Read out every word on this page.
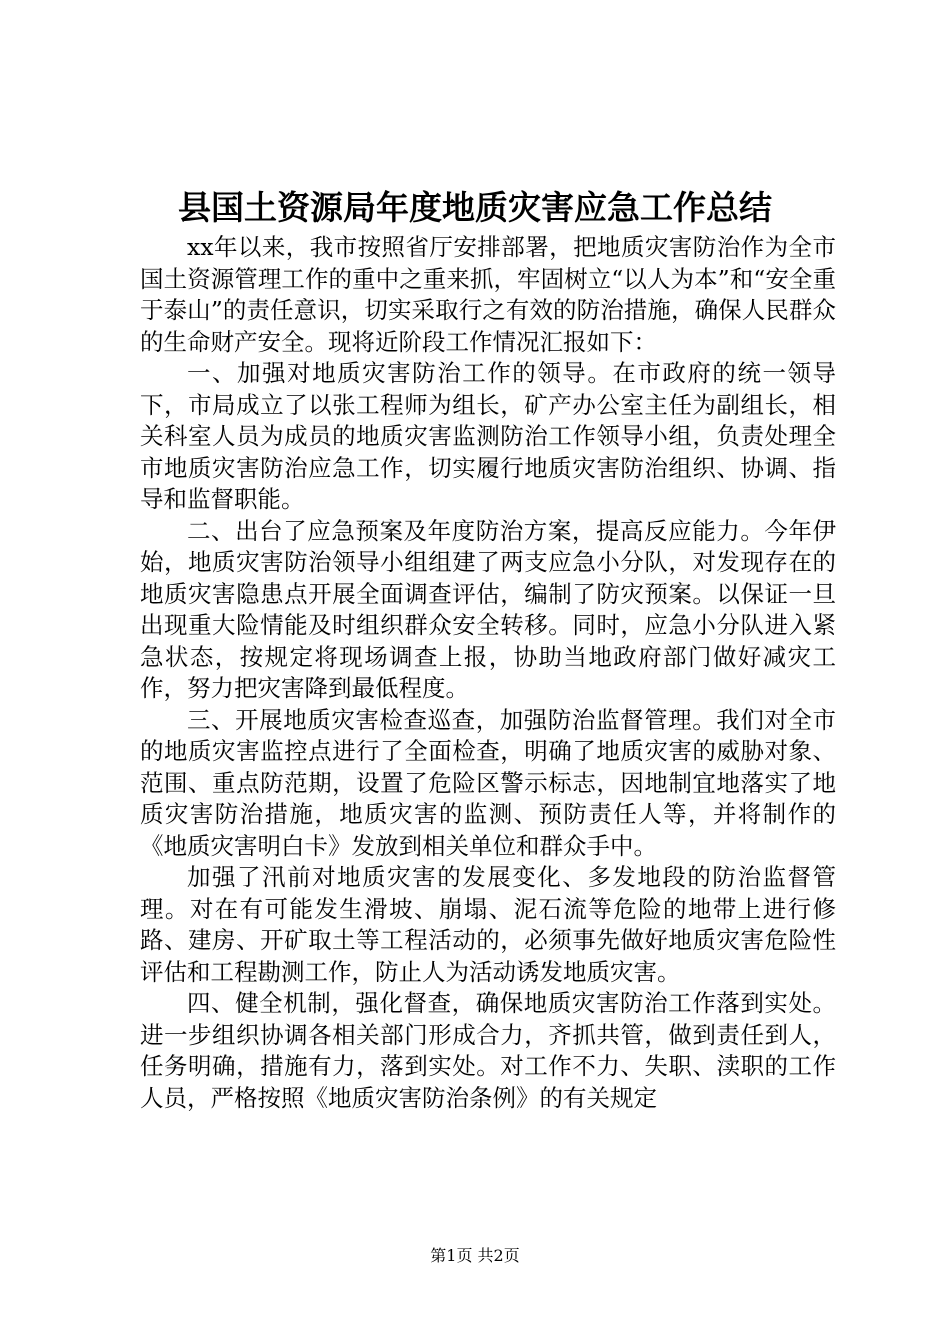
县国土资源局年度地质灾害应急工作总结

xx年以来，我市按照省厅安排部署，把地质灾害防治作为全市国土资源管理工作的重中之重来抓，牢固树立“以人为本”和“安全重于泰山”的责任意识，切实采取行之有效的防治措施，确保人民群众的生命财产安全。现将近阶段工作情况汇报如下：

一、加强对地质灾害防治工作的领导。在市政府的统一领导下，市局成立了以张工程师为组长，矿产办公室主任为副组长，相关科室人员为成员的地质灾害监测防治工作领导小组，负责处理全市地质灾害防治应急工作，切实履行地质灾害防治组织、协调、指导和监督职能。

二、出台了应急预案及年度防治方案，提高反应能力。今年伊始，地质灾害防治领导小组组建了两支应急小分队，对发现存在的地质灾害隐患点开展全面调查评估，编制了防灾预案。以保证一旦出现重大险情能及时组织群众安全转移。同时，应急小分队进入紧急状态，按规定将现场调查上报，协助当地政府部门做好减灾工作，努力把灾害降到最低程度。

三、开展地质灾害检查巡查，加强防治监督管理。我们对全市的地质灾害监控点进行了全面检查，明确了地质灾害的威胁对象、范围、重点防范期，设置了危险区警示标志，因地制宜地落实了地质灾害防治措施，地质灾害的监测、预防责任人等，并将制作的《地质灾害明白卡》发放到相关单位和群众手中。

加强了汛前对地质灾害的发展变化、多发地段的防治监督管理。对在有可能发生滑坡、崩塌、泥石流等危险的地带上进行修路、建房、开矿取土等工程活动的，必须事先做好地质灾害危险性评估和工程勘测工作，防止人为活动诱发地质灾害。

四、健全机制，强化督查，确保地质灾害防治工作落到实处。进一步组织协调各相关部门形成合力，齐抓共管，做到责任到人，任务明确，措施有力，落到实处。对工作不力、失职、渎职的工作人员，严格按照《地质灾害防治条例》的有关规定

第1页 共2页
